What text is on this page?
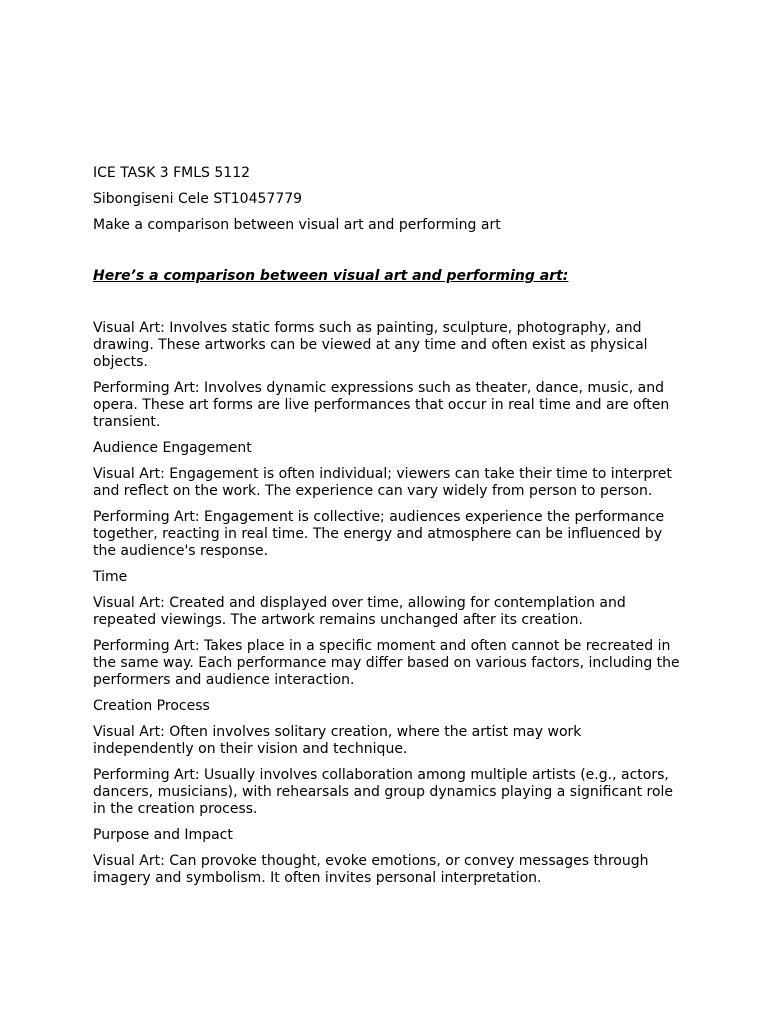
ICE TASK 3 FMLS 5112

Sibongiseni Cele ST10457779

Make a comparison between visual art and performing art

Here’s a comparison between visual art and performing art:

Visual Art: Involves static forms such as painting, sculpture, photography, and drawing. These artworks can be viewed at any time and often exist as physical objects.

Performing Art: Involves dynamic expressions such as theater, dance, music, and opera. These art forms are live performances that occur in real time and are often transient.

Audience Engagement

Visual Art: Engagement is often individual; viewers can take their time to interpret and reflect on the work. The experience can vary widely from person to person.

Performing Art: Engagement is collective; audiences experience the performance together, reacting in real time. The energy and atmosphere can be influenced by the audience's response.

Time

Visual Art: Created and displayed over time, allowing for contemplation and repeated viewings. The artwork remains unchanged after its creation.

Performing Art: Takes place in a specific moment and often cannot be recreated in the same way. Each performance may differ based on various factors, including the performers and audience interaction.

Creation Process

Visual Art: Often involves solitary creation, where the artist may work independently on their vision and technique.

Performing Art: Usually involves collaboration among multiple artists (e.g., actors, dancers, musicians), with rehearsals and group dynamics playing a significant role in the creation process.

Purpose and Impact

Visual Art: Can provoke thought, evoke emotions, or convey messages through imagery and symbolism. It often invites personal interpretation.
